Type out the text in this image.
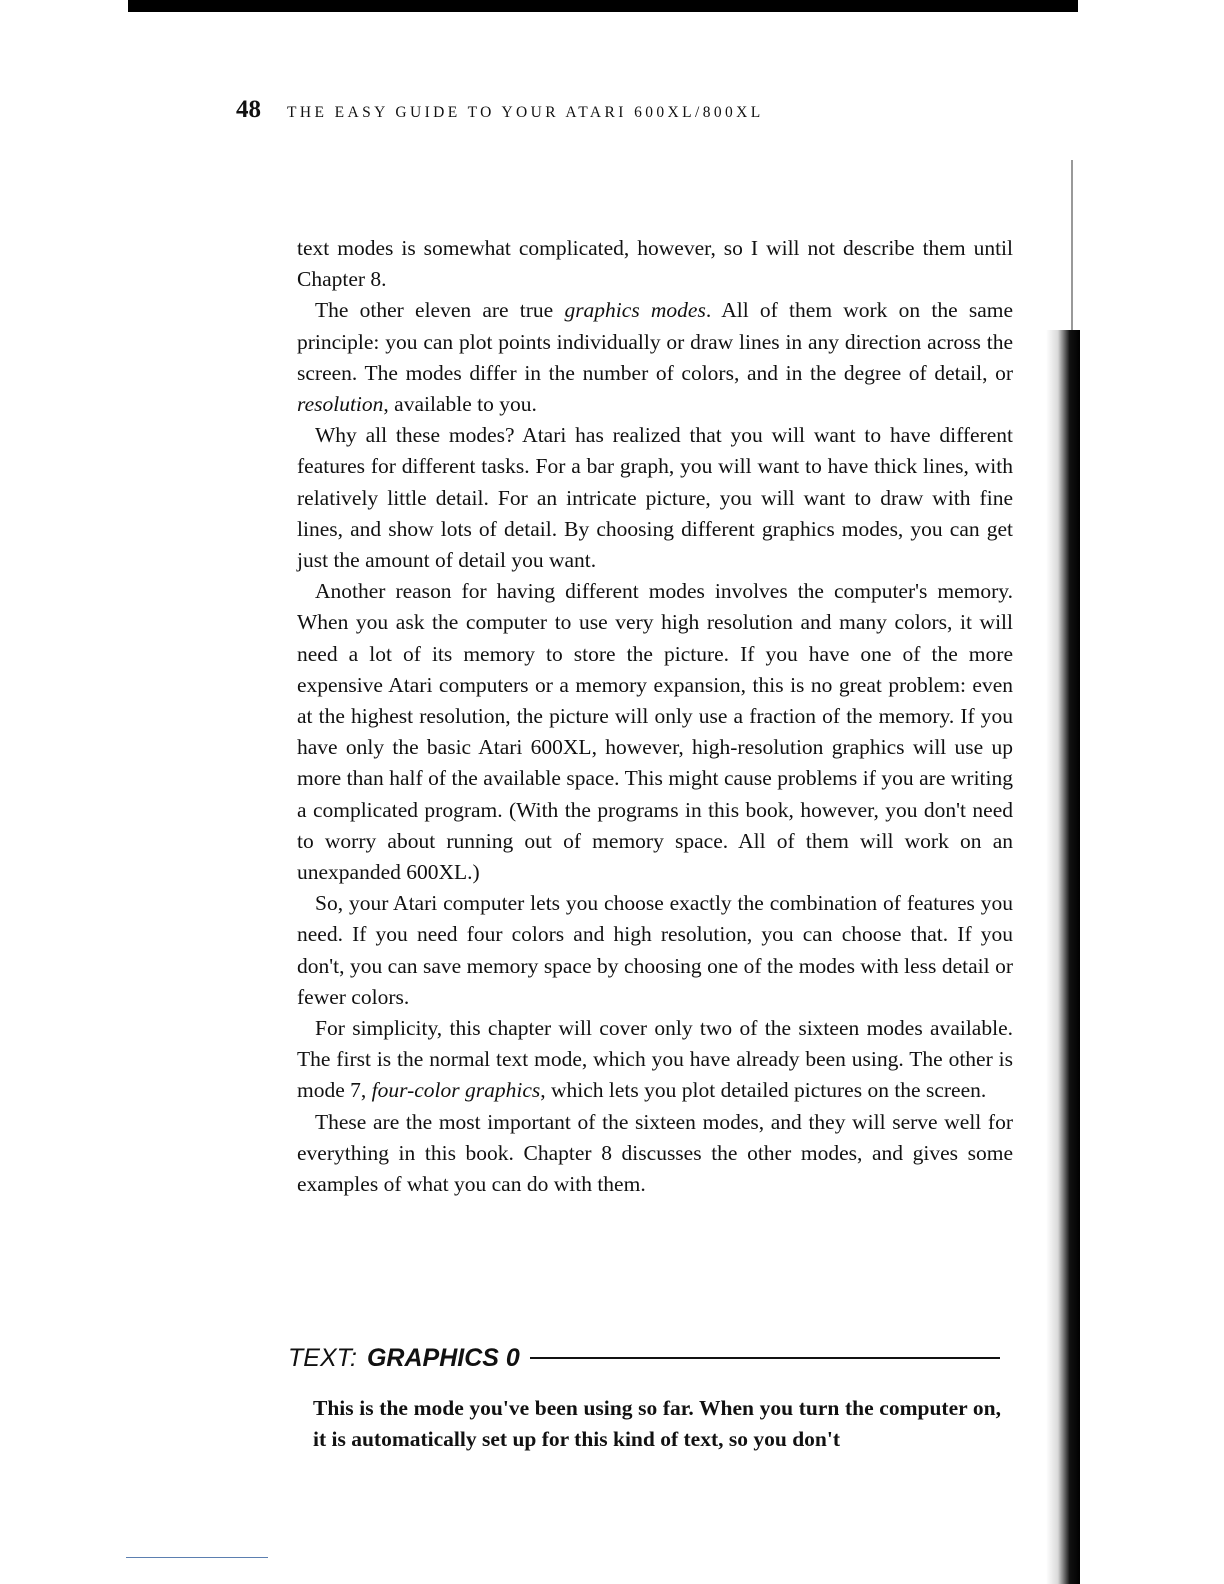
48 THE EASY GUIDE TO YOUR ATARI 600XL/800XL

text modes is somewhat complicated, however, so I will not describe them until Chapter 8.

The other eleven are true graphics modes. All of them work on the same principle: you can plot points individually or draw lines in any direction across the screen. The modes differ in the number of colors, and in the degree of detail, or resolution, available to you.

Why all these modes? Atari has realized that you will want to have different features for different tasks. For a bar graph, you will want to have thick lines, with relatively little detail. For an intricate picture, you will want to draw with fine lines, and show lots of detail. By choosing different graphics modes, you can get just the amount of detail you want.

Another reason for having different modes involves the computer's memory. When you ask the computer to use very high resolution and many colors, it will need a lot of its memory to store the picture. If you have one of the more expensive Atari computers or a memory expansion, this is no great problem: even at the highest resolution, the picture will only use a fraction of the memory. If you have only the basic Atari 600XL, however, high-resolution graphics will use up more than half of the available space. This might cause problems if you are writing a complicated program. (With the programs in this book, however, you don't need to worry about running out of memory space. All of them will work on an unexpanded 600XL.)

So, your Atari computer lets you choose exactly the combination of features you need. If you need four colors and high resolution, you can choose that. If you don't, you can save memory space by choosing one of the modes with less detail or fewer colors.

For simplicity, this chapter will cover only two of the sixteen modes available. The first is the normal text mode, which you have already been using. The other is mode 7, four-color graphics, which lets you plot detailed pictures on the screen.

These are the most important of the sixteen modes, and they will serve well for everything in this book. Chapter 8 discusses the other modes, and gives some examples of what you can do with them.

TEXT: GRAPHICS 0

This is the mode you've been using so far. When you turn the computer on, it is automatically set up for this kind of text, so you don't
